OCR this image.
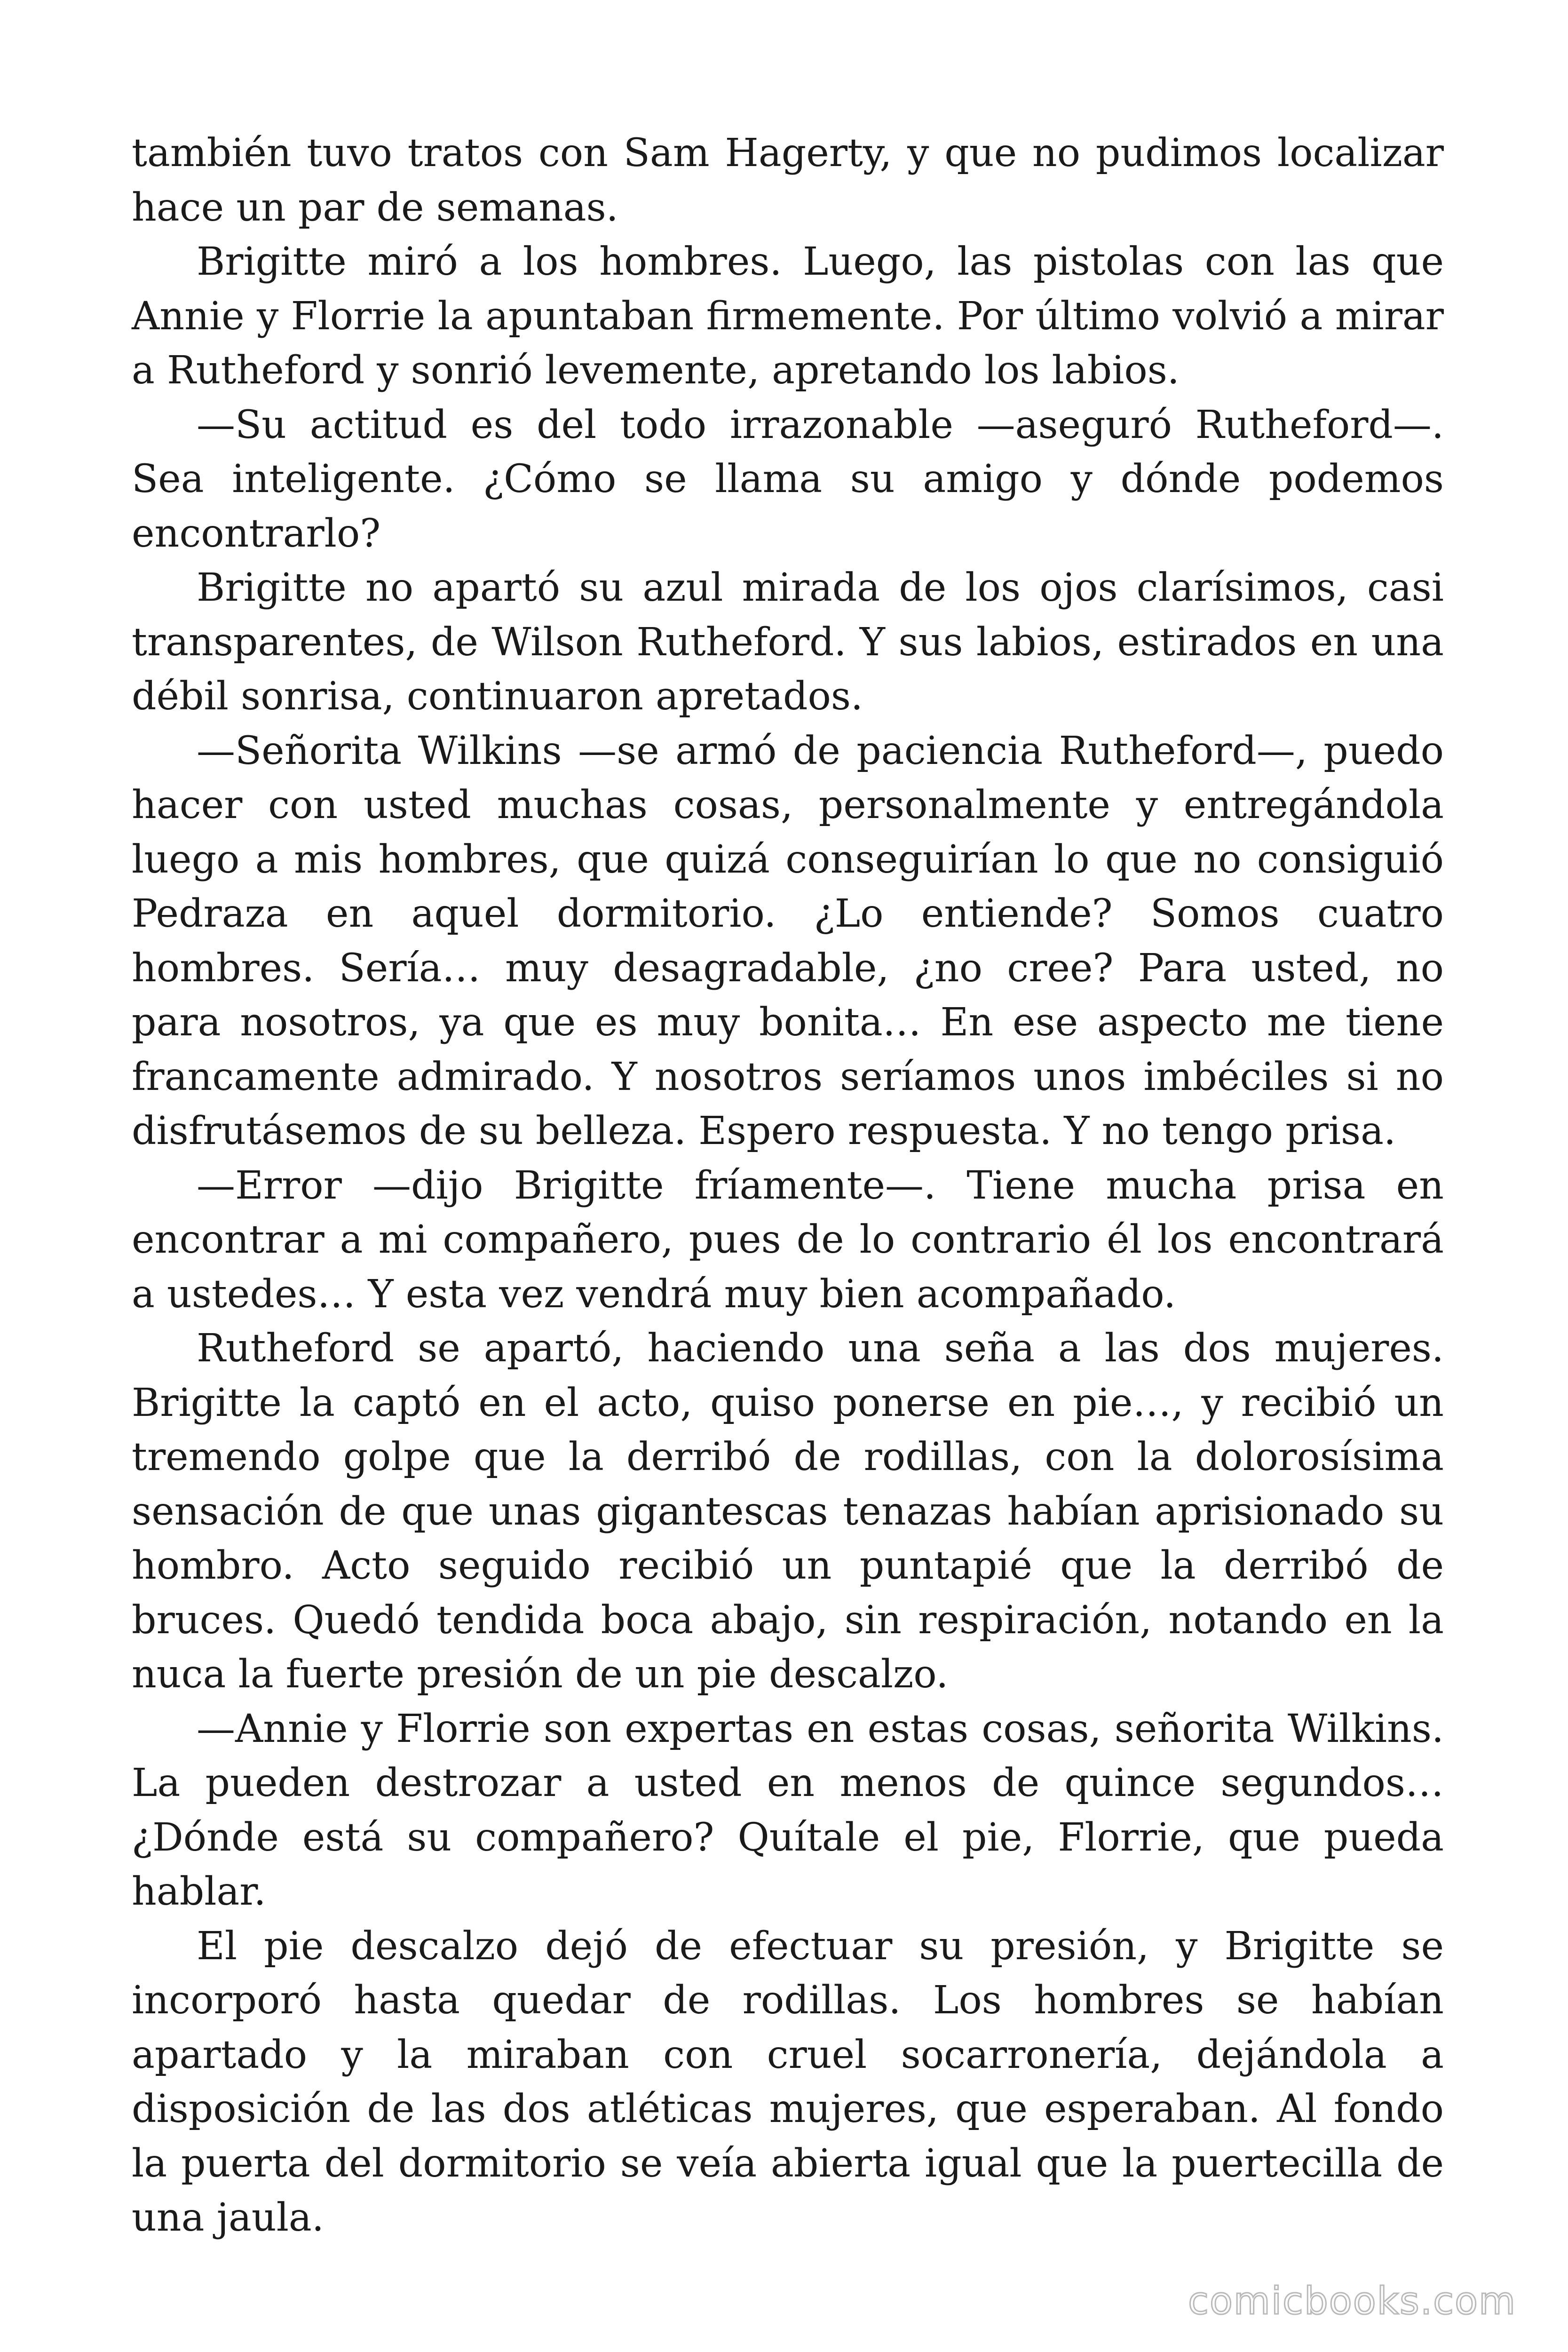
también tuvo tratos con Sam Hagerty, y que no pudimos localizar hace un par de semanas.

Brigitte miró a los hombres. Luego, las pistolas con las que Annie y Florrie la apuntaban firmemente. Por último volvió a mirar a Rutheford y sonrió levemente, apretando los labios.

—Su actitud es del todo irrazonable —aseguró Rutheford—. Sea inteligente. ¿Cómo se llama su amigo y dónde podemos encontrarlo?

Brigitte no apartó su azul mirada de los ojos clarísimos, casi transparentes, de Wilson Rutheford. Y sus labios, estirados en una débil sonrisa, continuaron apretados.

—Señorita Wilkins —se armó de paciencia Rutheford—, puedo hacer con usted muchas cosas, personalmente y entregándola luego a mis hombres, que quizá conseguirían lo que no consiguió Pedraza en aquel dormitorio. ¿Lo entiende? Somos cuatro hombres. Sería… muy desagradable, ¿no cree? Para usted, no para nosotros, ya que es muy bonita… En ese aspecto me tiene francamente admirado. Y nosotros seríamos unos imbéciles si no disfrutásemos de su belleza. Espero respuesta. Y no tengo prisa.

—Error —dijo Brigitte fríamente—. Tiene mucha prisa en encontrar a mi compañero, pues de lo contrario él los encontrará a ustedes… Y esta vez vendrá muy bien acompañado.

Rutheford se apartó, haciendo una seña a las dos mujeres. Brigitte la captó en el acto, quiso ponerse en pie…, y recibió un tremendo golpe que la derribó de rodillas, con la dolorosísima sensación de que unas gigantescas tenazas habían aprisionado su hombro. Acto seguido recibió un puntapié que la derribó de bruces. Quedó tendida boca abajo, sin respiración, notando en la nuca la fuerte presión de un pie descalzo.

—Annie y Florrie son expertas en estas cosas, señorita Wilkins. La pueden destrozar a usted en menos de quince segundos… ¿Dónde está su compañero? Quítale el pie, Florrie, que pueda hablar.

El pie descalzo dejó de efectuar su presión, y Brigitte se incorporó hasta quedar de rodillas. Los hombres se habían apartado y la miraban con cruel socarronería, dejándola a disposición de las dos atléticas mujeres, que esperaban. Al fondo la puerta del dormitorio se veía abierta igual que la puertecilla de una jaula.

comicbooks.com
